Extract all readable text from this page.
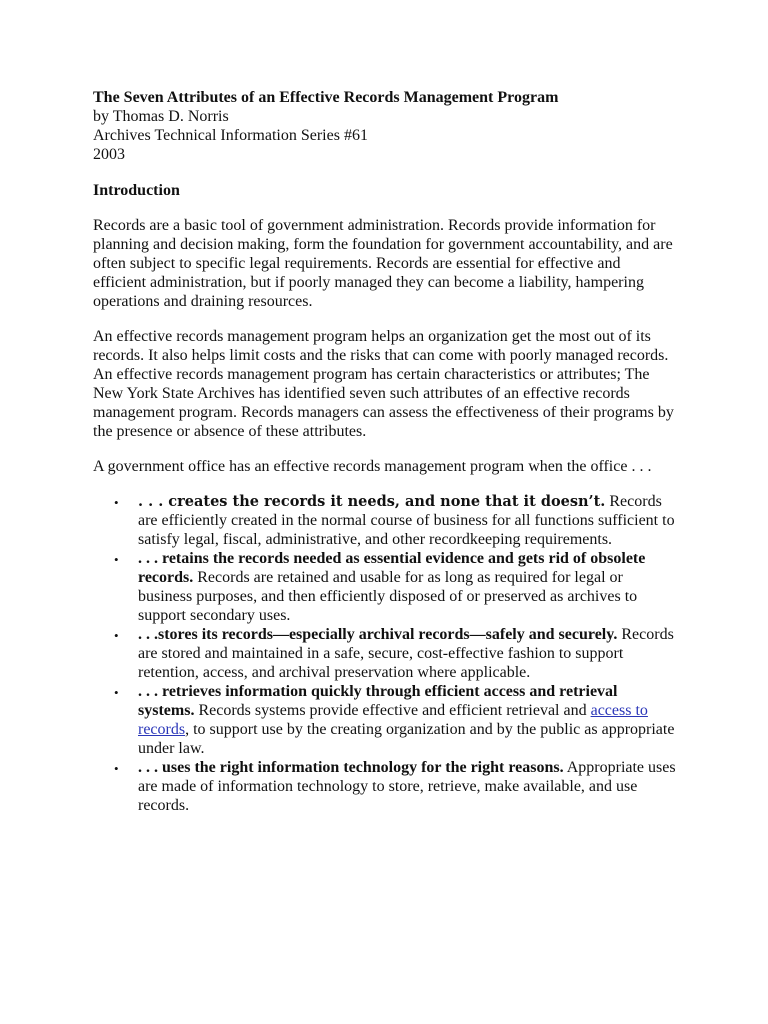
The Seven Attributes of an Effective Records Management Program
by Thomas D. Norris
Archives Technical Information Series #61
2003
Introduction

Records are a basic tool of government administration. Records provide information for planning and decision making, form the foundation for government accountability, and are often subject to specific legal requirements. Records are essential for effective and efficient administration, but if poorly managed they can become a liability, hampering operations and draining resources.

An effective records management program helps an organization get the most out of its records. It also helps limit costs and the risks that can come with poorly managed records. An effective records management program has certain characteristics or attributes; The New York State Archives has identified seven such attributes of an effective records management program. Records managers can assess the effectiveness of their programs by the presence or absence of these attributes.

A government office has an effective records management program when the office . . .

• . . . creates the records it needs, and none that it doesn’t. Records are efficiently created in the normal course of business for all functions sufficient to satisfy legal, fiscal, administrative, and other recordkeeping requirements.
• . . . retains the records needed as essential evidence and gets rid of obsolete records. Records are retained and usable for as long as required for legal or business purposes, and then efficiently disposed of or preserved as archives to support secondary uses.
• . . .stores its records—especially archival records—safely and securely. Records are stored and maintained in a safe, secure, cost-effective fashion to support retention, access, and archival preservation where applicable.
• . . . retrieves information quickly through efficient access and retrieval systems. Records systems provide effective and efficient retrieval and access to records, to support use by the creating organization and by the public as appropriate under law.
• . . . uses the right information technology for the right reasons. Appropriate uses are made of information technology to store, retrieve, make available, and use records.
